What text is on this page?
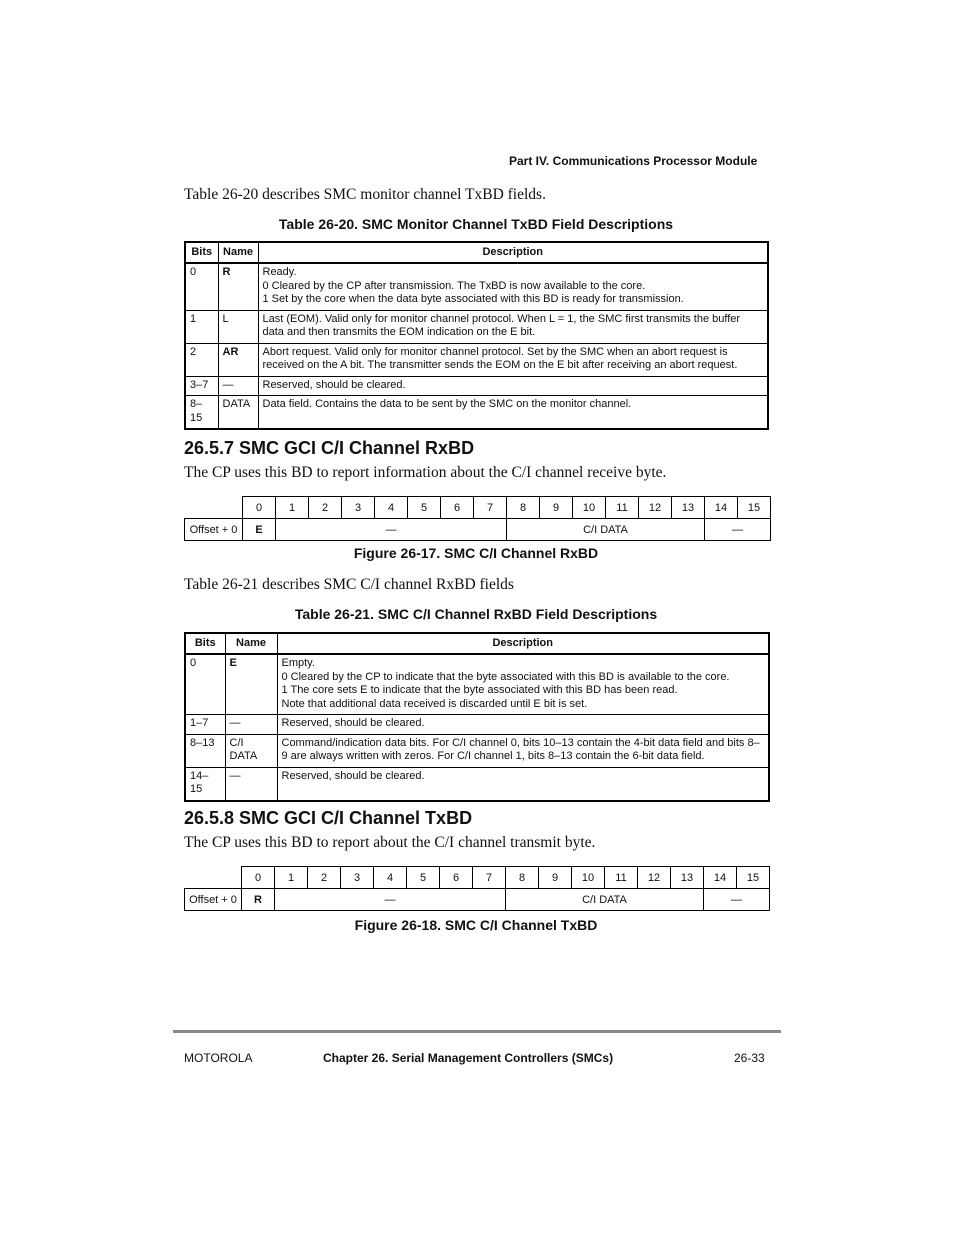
Part IV. Communications Processor Module
Table 26-20 describes SMC monitor channel TxBD fields.
Table 26-20. SMC Monitor Channel TxBD Field Descriptions
Bits	Name	Description
0	R	Ready.
0 Cleared by the CP after transmission. The TxBD is now available to the core.
1 Set by the core when the data byte associated with this BD is ready for transmission.

1	L	Last (EOM). Valid only for monitor channel protocol. When L = 1, the SMC first transmits the buffer data and then transmits the EOM indication on the E bit.

2	AR	Abort request. Valid only for monitor channel protocol. Set by the SMC when an abort request is received on the A bit. The transmitter sends the EOM on the E bit after receiving an abort request.

3–7	—	Reserved, should be cleared.

8–15	DATA	Data field. Contains the data to be sent by the SMC on the monitor channel.
26.5.7 SMC GCI C/I Channel RxBD
The CP uses this BD to report information about the C/I channel receive byte.
	0	1	2	3	4	5	6	7	8	9	10	11	12	13	14	15
Offset + 0	E	—							C/I DATA						—	
Figure 26-17. SMC C/I Channel RxBD
Table 26-21 describes SMC C/I channel RxBD fields
Table 26-21. SMC C/I Channel RxBD Field Descriptions
Bits	Name	Description
0	E	Empty.
0 Cleared by the CP to indicate that the byte associated with this BD is available to the core.
1 The core sets E to indicate that the byte associated with this BD has been read.
Note that additional data received is discarded until E bit is set.

1–7	—	Reserved, should be cleared.

8–13	C/I DATA	Command/indication data bits. For C/I channel 0, bits 10–13 contain the 4-bit data field and bits 8–9 are always written with zeros. For C/I channel 1, bits 8–13 contain the 6-bit data field.

14–15	—	Reserved, should be cleared.
26.5.8 SMC GCI C/I Channel TxBD
The CP uses this BD to report about the C/I channel transmit byte.
	0	1	2	3	4	5	6	7	8	9	10	11	12	13	14	15
Offset + 0	R	—							C/I DATA						—	
Figure 26-18. SMC C/I Channel TxBD
MOTOROLA	Chapter 26. Serial Management Controllers (SMCs)	26-33
